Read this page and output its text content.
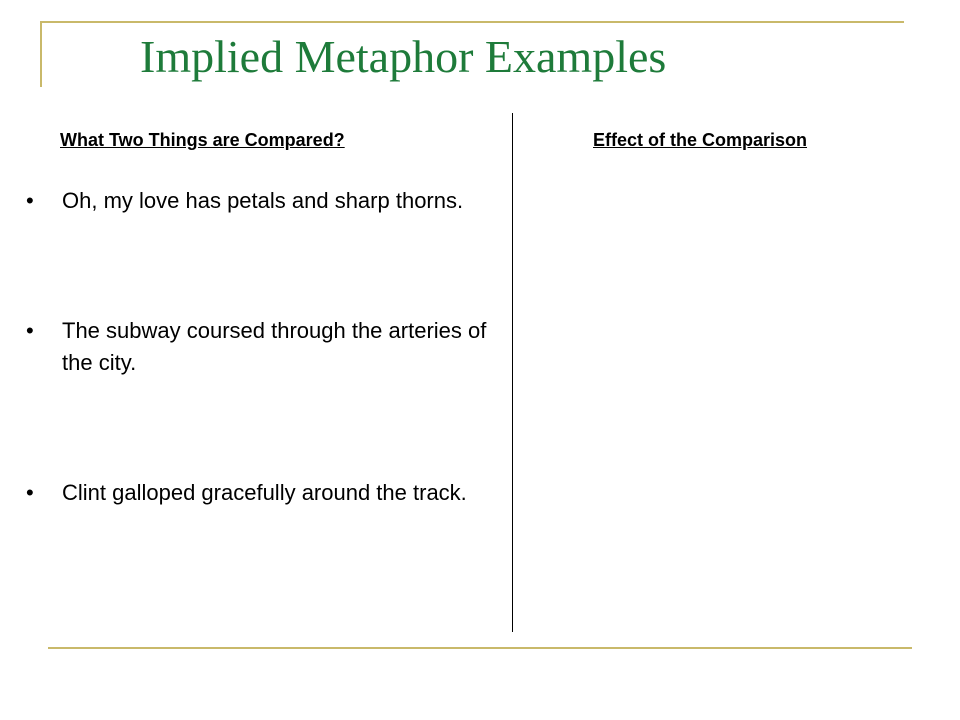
Implied Metaphor Examples
What Two Things are Compared?	Effect of the Comparison
• Oh, my love has petals and sharp thorns.
• The subway coursed through the arteries of the city.
• Clint galloped gracefully around the track.
